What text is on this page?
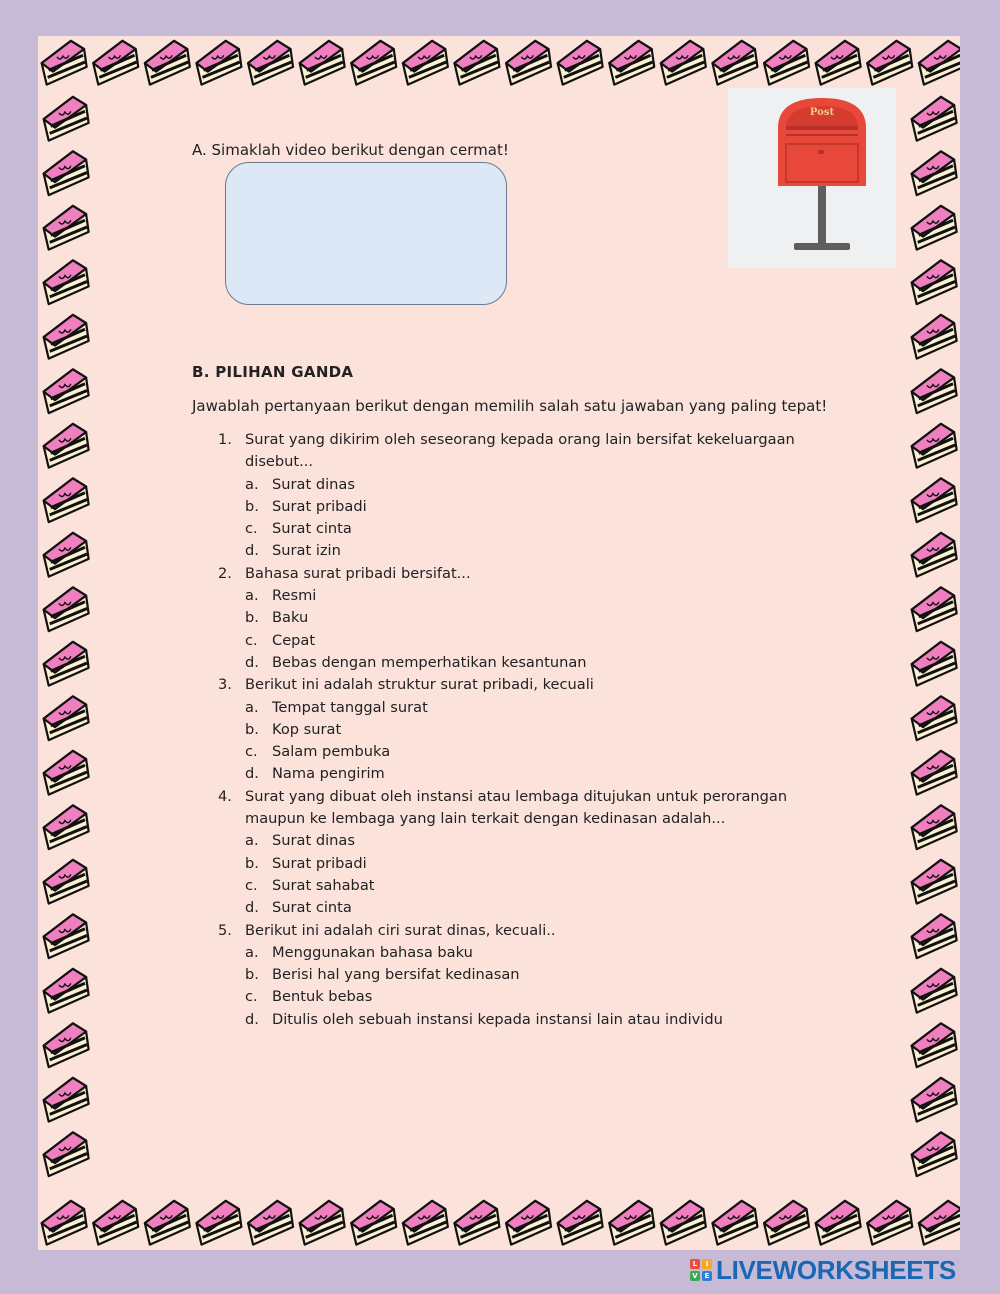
A. Simaklah video berikut dengan cermat!
Post
B. PILIHAN GANDA
Jawablah pertanyaan berikut dengan memilih salah satu jawaban yang paling tepat!
1. Surat yang dikirim oleh seseorang kepada orang lain bersifat kekeluargaan disebut...
a. Surat dinas
b. Surat pribadi
c. Surat cinta
d. Surat izin
2. Bahasa surat pribadi bersifat...
a. Resmi
b. Baku
c. Cepat
d. Bebas dengan memperhatikan kesantunan
3. Berikut ini adalah struktur surat pribadi, kecuali
a. Tempat tanggal surat
b. Kop surat
c. Salam pembuka
d. Nama pengirim
4. Surat yang dibuat oleh instansi atau lembaga ditujukan untuk perorangan maupun ke lembaga yang lain terkait dengan kedinasan adalah...
a. Surat dinas
b. Surat pribadi
c. Surat sahabat
d. Surat cinta
5. Berikut ini adalah ciri surat dinas, kecuali..
a. Menggunakan bahasa baku
b. Berisi hal yang bersifat kedinasan
c. Bentuk bebas
d. Ditulis oleh sebuah instansi kepada instansi lain atau individu
L	I
V E LIVEWORKSHEETS
